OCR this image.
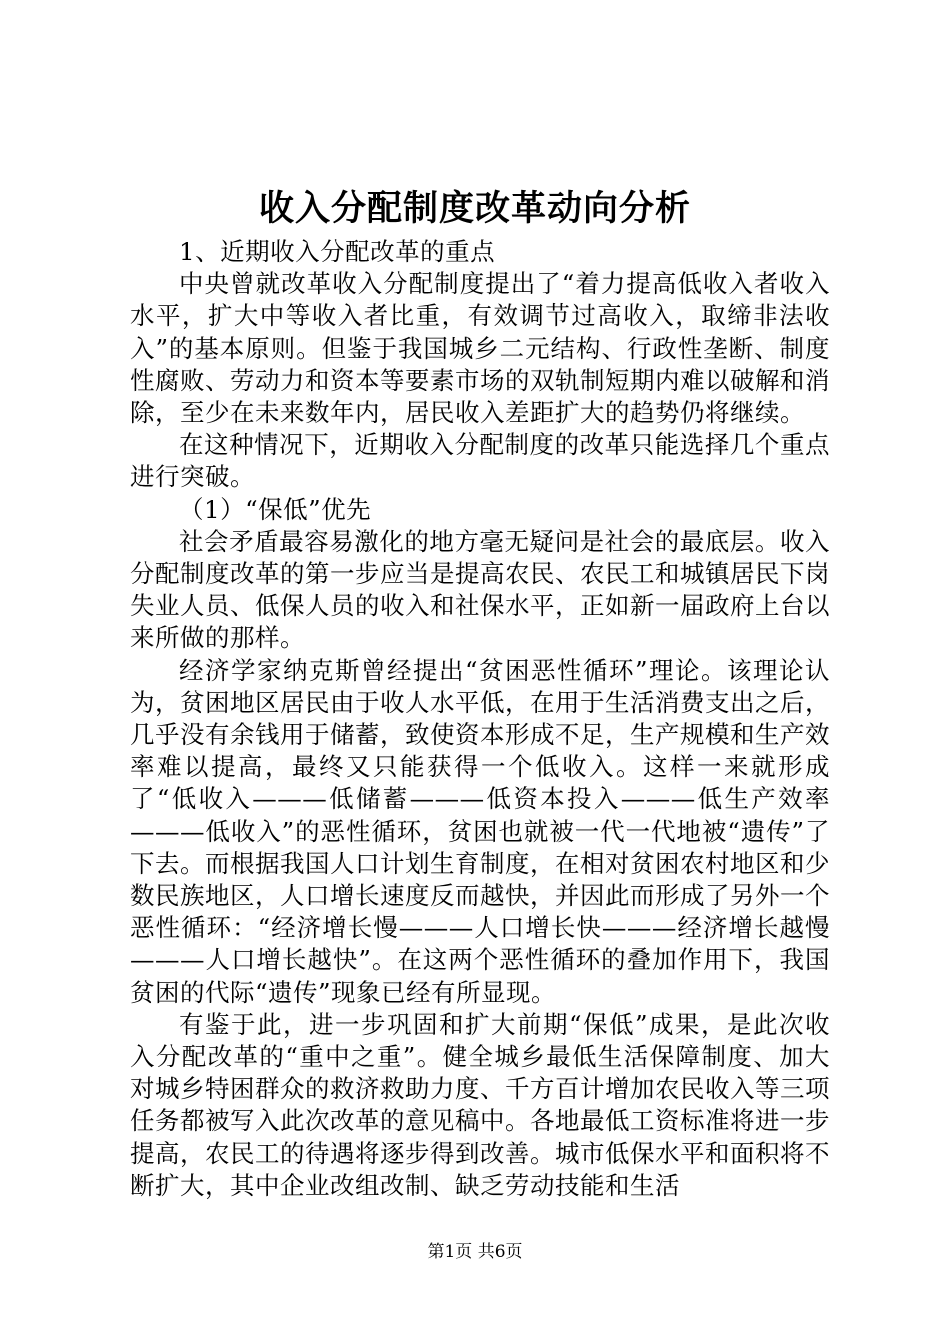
收入分配制度改革动向分析

1、近期收入分配改革的重点

中央曾就改革收入分配制度提出了“着力提高低收入者收入水平，扩大中等收入者比重，有效调节过高收入，取缔非法收入”的基本原则。但鉴于我国城乡二元结构、行政性垄断、制度性腐败、劳动力和资本等要素市场的双轨制短期内难以破解和消除，至少在未来数年内，居民收入差距扩大的趋势仍将继续。

在这种情况下，近期收入分配制度的改革只能选择几个重点进行突破。

（1）“保低”优先

社会矛盾最容易激化的地方毫无疑问是社会的最底层。收入分配制度改革的第一步应当是提高农民、农民工和城镇居民下岗失业人员、低保人员的收入和社保水平，正如新一届政府上台以来所做的那样。

经济学家纳克斯曾经提出“贫困恶性循环”理论。该理论认为，贫困地区居民由于收人水平低，在用于生活消费支出之后，几乎没有余钱用于储蓄，致使资本形成不足，生产规模和生产效率难以提高，最终又只能获得一个低收入。这样一来就形成了“低收入———低储蓄———低资本投入———低生产效率———低收入”的恶性循环，贫困也就被一代一代地被“遗传”了下去。而根据我国人口计划生育制度，在相对贫困农村地区和少数民族地区，人口增长速度反而越快，并因此而形成了另外一个恶性循环：“经济增长慢———人口增长快———经济增长越慢———人口增长越快”。在这两个恶性循环的叠加作用下，我国贫困的代际“遗传”现象已经有所显现。

有鉴于此，进一步巩固和扩大前期“保低”成果，是此次收入分配改革的“重中之重”。健全城乡最低生活保障制度、加大对城乡特困群众的救济救助力度、千方百计增加农民收入等三项任务都被写入此次改革的意见稿中。各地最低工资标准将进一步提高，农民工的待遇将逐步得到改善。城市低保水平和面积将不断扩大，其中企业改组改制、缺乏劳动技能和生活

第1页 共6页
